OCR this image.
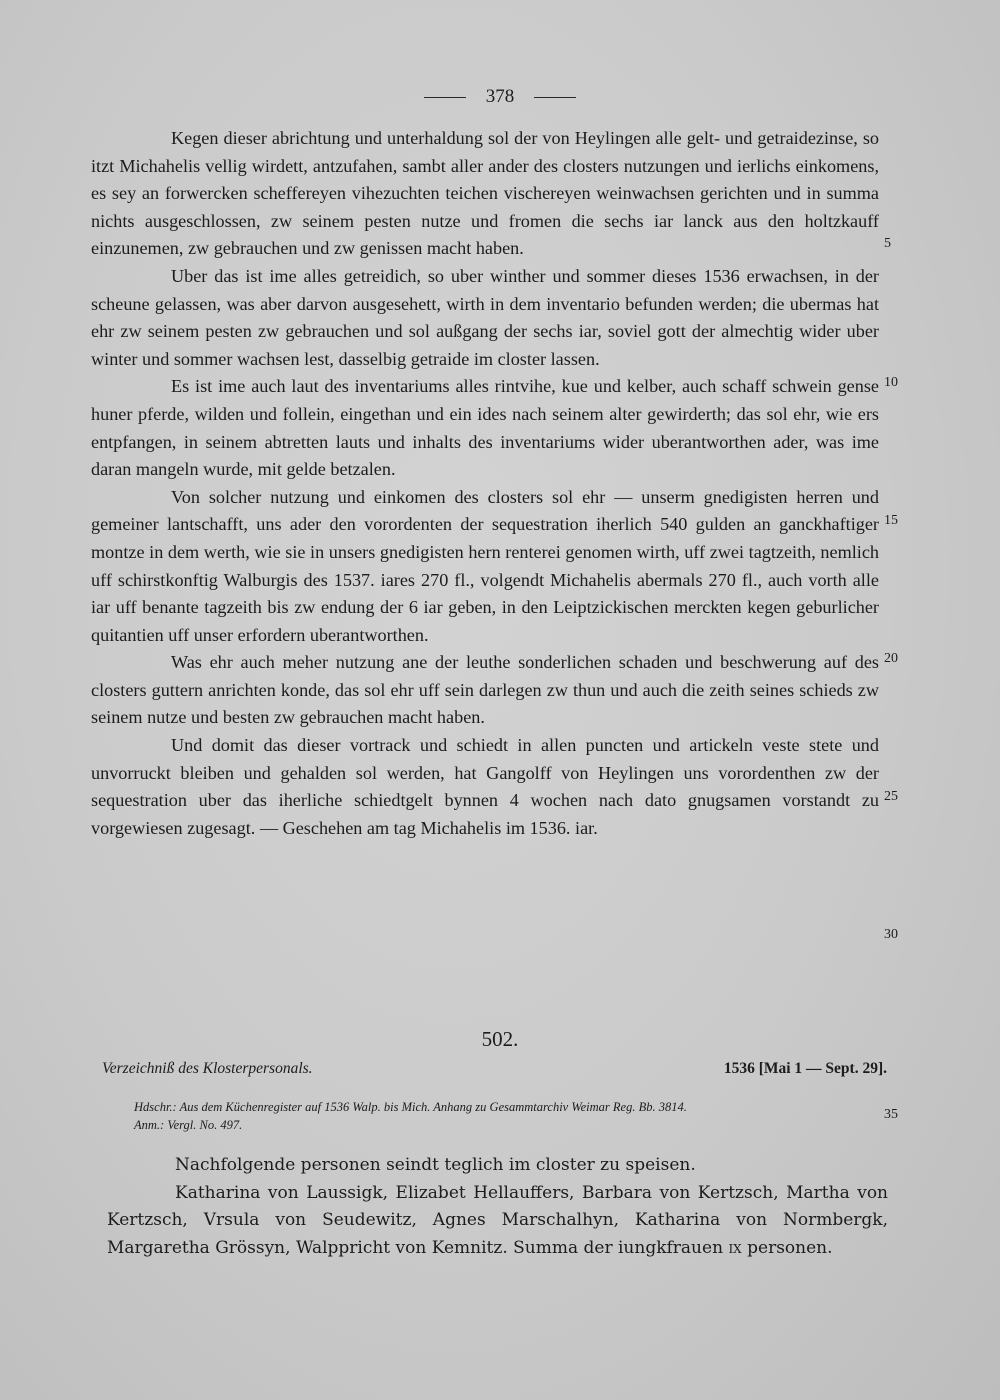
378

Kegen dieser abrichtung und unterhaldung sol der von Heylingen alle gelt- und getraidezinse, so itzt Michahelis vellig wirdett, antzufahen, sambt aller ander des closters nutzungen und ierlichs einkomens, es sey an forwercken scheffereyen vihezuchten teichen vischereyen weinwachsen gerichten und in summa nichts ausgeschlossen, zw seinem pesten nutze und fromen die sechs iar lanck aus den holtzkauff einzunemen, zw gebrauchen und zw genissen macht haben.

Uber das ist ime alles getreidich, so uber winther und sommer dieses 1536 erwachsen, in der scheune gelassen, was aber darvon ausgesehett, wirth in dem inventario befunden werden; die ubermas hat ehr zw seinem pesten zw gebrauchen und sol außgang der sechs iar, soviel gott der almechtig wider uber winter und sommer wachsen lest, dasselbig getraide im closter lassen.

Es ist ime auch laut des inventariums alles rintvihe, kue und kelber, auch schaff schwein gense huner pferde, wilden und follein, eingethan und ein ides nach seinem alter gewirderth; das sol ehr, wie ers entpfangen, in seinem abtretten lauts und inhalts des inventariums wider uberantworthen ader, was ime daran mangeln wurde, mit gelde betzalen.

Von solcher nutzung und einkomen des closters sol ehr — unserm gnedigisten herren und gemeiner lantschafft, uns ader den vorordenten der sequestration iherlich 540 gulden an ganckhaftiger montze in dem werth, wie sie in unsers gnedigisten hern renterei genomen wirth, uff zwei tagtzeith, nemlich uff schirstkonftig Walburgis des 1537. iares 270 fl., volgendt Michahelis abermals 270 fl., auch vorth alle iar uff benante tagzeith bis zw endung der 6 iar geben, in den Leiptzickischen merckten kegen geburlicher quitantien uff unser erfordern uberantworthen.

Was ehr auch meher nutzung ane der leuthe sonderlichen schaden und beschwerung auf des closters guttern anrichten konde, das sol ehr uff sein darlegen zw thun und auch die zeith seines schieds zw seinem nutze und besten zw gebrauchen macht haben.

Und domit das dieser vortrack und schiedt in allen puncten und artickeln veste stete und unvorruckt bleiben und gehalden sol werden, hat Gangolff von Heylingen uns vorordenthen zw der sequestration uber das iherliche schiedtgelt bynnen 4 wochen nach dato gnugsamen vorstandt zu vorgewiesen zugesagt. — Geschehen am tag Michahelis im 1536. iar.

5
10
15
20
25
30
35
502.
Verzeichniß des Klosterpersonals.	1536 [Mai 1 — Sept. 29].
Hdschr.: Aus dem Küchenregister auf 1536 Walp. bis Mich. Anhang zu Gesammtarchiv Weimar Reg. Bb. 3814.
Anm.: Vergl. No. 497.

Nachfolgende personen seindt teglich im closter zu speisen.

Katharina von Laussigk, Elizabet Hellauffers, Barbara von Kertzsch, Martha von Kertzsch, Vrsula von Seudewitz, Agnes Marschalhyn, Katharina von Normbergk, Margaretha Grössyn, Walppricht von Kemnitz. Summa der iungkfrauen ix personen.
